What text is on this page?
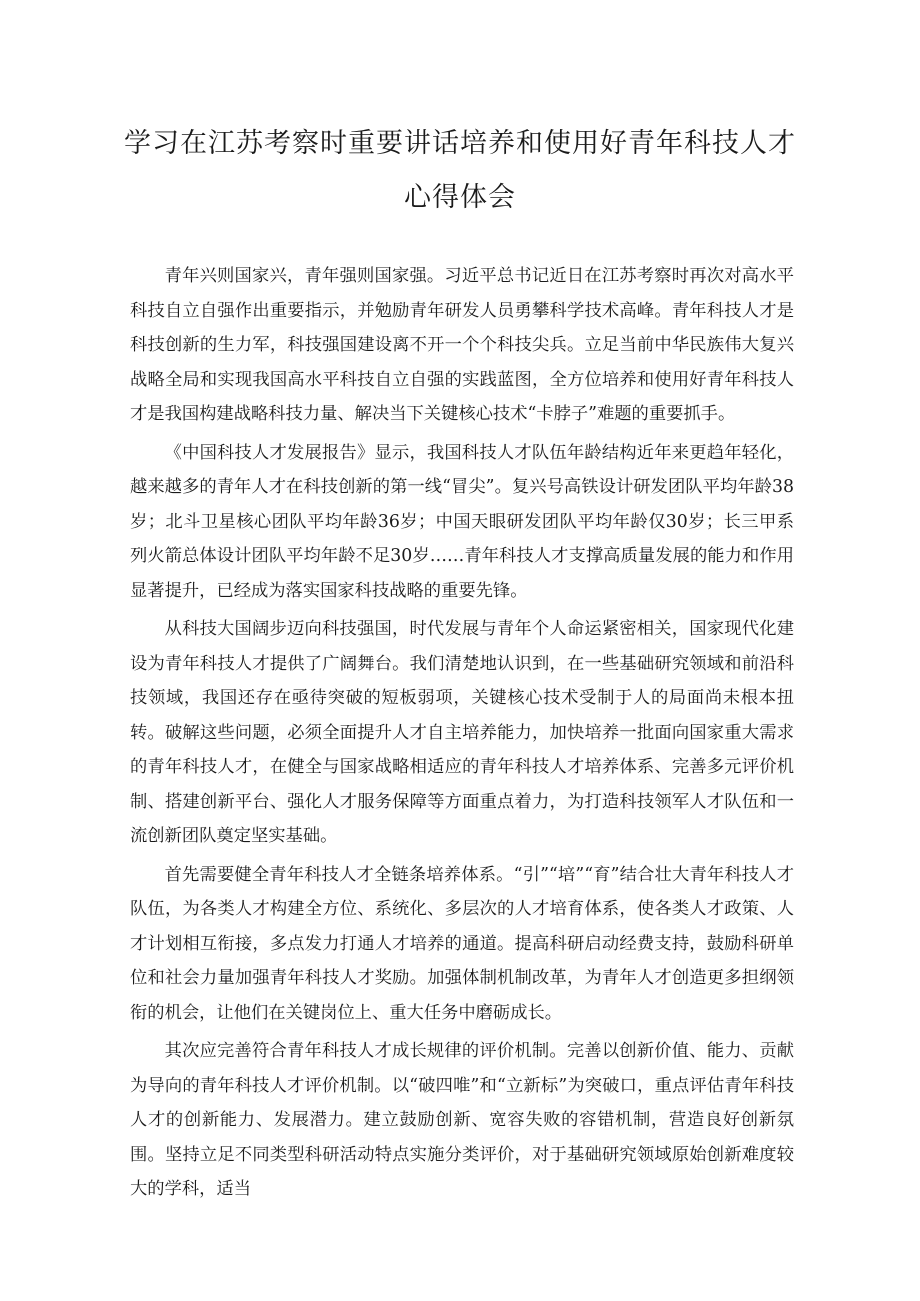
学习在江苏考察时重要讲话培养和使用好青年科技人才
心得体会

青年兴则国家兴，青年强则国家强。习近平总书记近日在江苏考察时再次对高水平科技自立自强作出重要指示，并勉励青年研发人员勇攀科学技术高峰。青年科技人才是科技创新的生力军，科技强国建设离不开一个个科技尖兵。立足当前中华民族伟大复兴战略全局和实现我国高水平科技自立自强的实践蓝图，全方位培养和使用好青年科技人才是我国构建战略科技力量、解决当下关键核心技术“卡脖子”难题的重要抓手。

《中国科技人才发展报告》显示，我国科技人才队伍年龄结构近年来更趋年轻化，越来越多的青年人才在科技创新的第一线“冒尖”。复兴号高铁设计研发团队平均年龄38岁；北斗卫星核心团队平均年龄36岁；中国天眼研发团队平均年龄仅30岁；长三甲系列火箭总体设计团队平均年龄不足30岁……青年科技人才支撑高质量发展的能力和作用显著提升，已经成为落实国家科技战略的重要先锋。

从科技大国阔步迈向科技强国，时代发展与青年个人命运紧密相关，国家现代化建设为青年科技人才提供了广阔舞台。我们清楚地认识到，在一些基础研究领域和前沿科技领域，我国还存在亟待突破的短板弱项，关键核心技术受制于人的局面尚未根本扭转。破解这些问题，必须全面提升人才自主培养能力，加快培养一批面向国家重大需求的青年科技人才，在健全与国家战略相适应的青年科技人才培养体系、完善多元评价机制、搭建创新平台、强化人才服务保障等方面重点着力，为打造科技领军人才队伍和一流创新团队奠定坚实基础。

首先需要健全青年科技人才全链条培养体系。“引”“培”“育”结合壮大青年科技人才队伍，为各类人才构建全方位、系统化、多层次的人才培育体系，使各类人才政策、人才计划相互衔接，多点发力打通人才培养的通道。提高科研启动经费支持，鼓励科研单位和社会力量加强青年科技人才奖励。加强体制机制改革，为青年人才创造更多担纲领衔的机会，让他们在关键岗位上、重大任务中磨砺成长。

其次应完善符合青年科技人才成长规律的评价机制。完善以创新价值、能力、贡献为导向的青年科技人才评价机制。以“破四唯”和“立新标”为突破口，重点评估青年科技人才的创新能力、发展潜力。建立鼓励创新、宽容失败的容错机制，营造良好创新氛围。坚持立足不同类型科研活动特点实施分类评价，对于基础研究领域原始创新难度较大的学科，适当
